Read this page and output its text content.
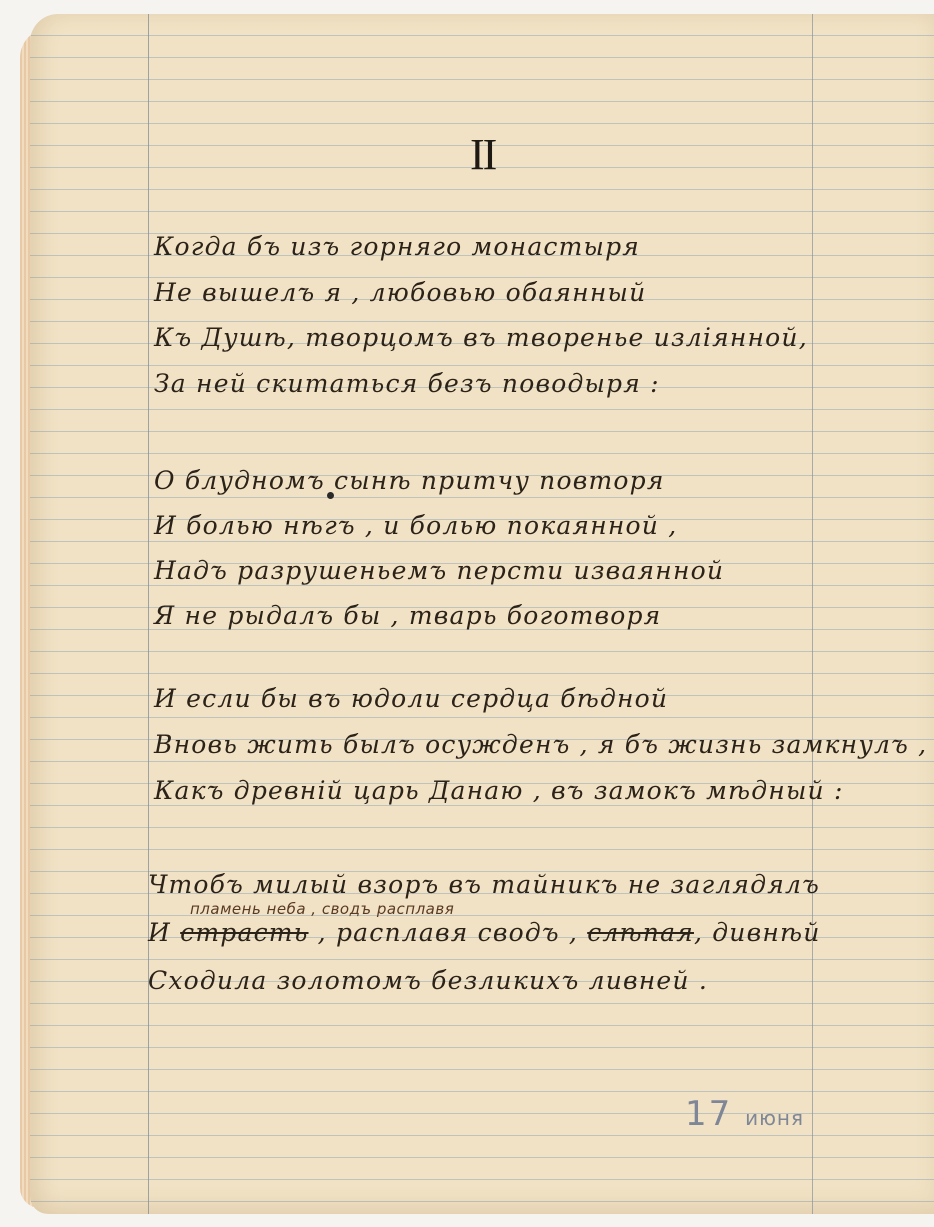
II
Когда бъ изъ горняго монастыря
Не вышелъ я , любовью обаянный
Къ Душѣ, творцомъ въ творенье изліянной,
За ней скитаться безъ поводыря :
О блудномъ сынѣ притчу повторя
И болью нѣгъ , и болью покаянной ,
Надъ разрушеньемъ персти изваянной
Я не рыдалъ бы , тварь боготворя
И если бы въ юдоли сердца бѣдной
Вновь жить былъ осужденъ , я бъ жизнь замкнулъ ,
Какъ древній царь Данаю , въ замокъ мѣдный :
Чтобъ милый взоръ въ тайникъ не заглядялъ
пламень неба , сводъ расплавя
И страсть , расплавя сводъ , слѣпая, дивнѣй
Сходила золотомъ безликихъ ливней .
17 июня
